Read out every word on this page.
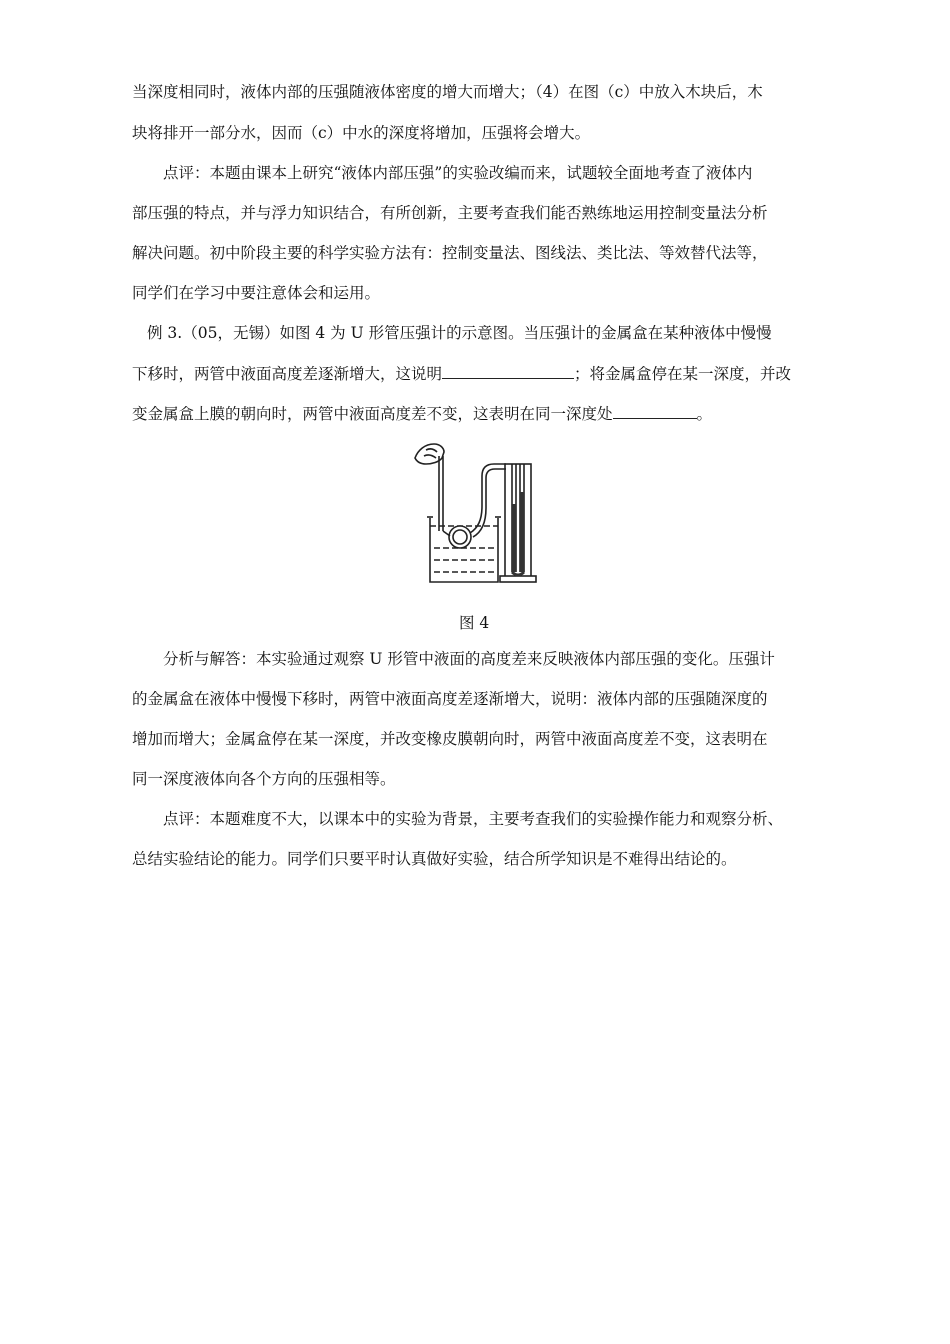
当深度相同时，液体内部的压强随液体密度的增大而增大；（4）在图（c）中放入木块后，木
块将排开一部分水，因而（c）中水的深度将增加，压强将会增大。
点评：本题由课本上研究“液体内部压强”的实验改编而来，试题较全面地考查了液体内
部压强的特点，并与浮力知识结合，有所创新，主要考查我们能否熟练地运用控制变量法分析
解决问题。初中阶段主要的科学实验方法有：控制变量法、图线法、类比法、等效替代法等，
同学们在学习中要注意体会和运用。
例 3.（05，无锡）如图 4 为 U 形管压强计的示意图。当压强计的金属盒在某种液体中慢慢
下移时，两管中液面高度差逐渐增大，这说明	；将金属盒停在某一深度，并改
变金属盒上膜的朝向时，两管中液面高度差不变，这表明在同一深度处	。
图 4
分析与解答：本实验通过观察 U 形管中液面的高度差来反映液体内部压强的变化。压强计
的金属盒在液体中慢慢下移时，两管中液面高度差逐渐增大，说明：液体内部的压强随深度的
增加而增大；金属盒停在某一深度，并改变橡皮膜朝向时，两管中液面高度差不变，这表明在
同一深度液体向各个方向的压强相等。
点评：本题难度不大，以课本中的实验为背景，主要考查我们的实验操作能力和观察分析、
总结实验结论的能力。同学们只要平时认真做好实验，结合所学知识是不难得出结论的。
